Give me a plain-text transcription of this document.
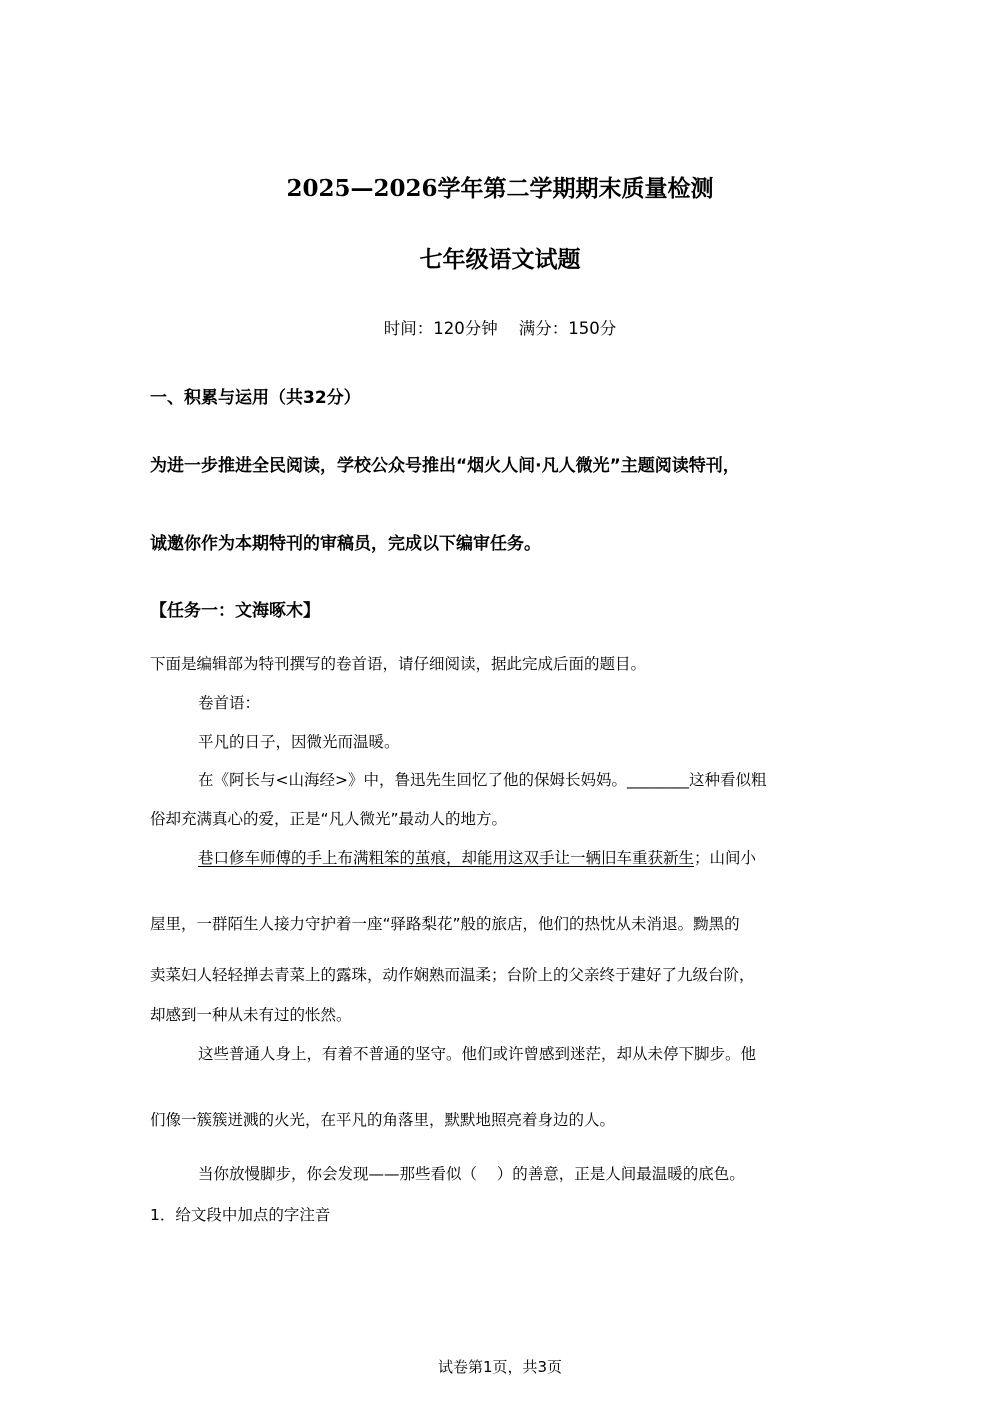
2025—2026学年第二学期期末质量检测
七年级语文试题
时间：120分钟    满分：150分
一、积累与运用（共32分）
为进一步推进全民阅读，学校公众号推出“烟火人间·凡人微光”主题阅读特刊，
诚邀你作为本期特刊的审稿员，完成以下编审任务。
【任务一：文海啄木】
下面是编辑部为特刊撰写的卷首语，请仔细阅读，据此完成后面的题目。
卷首语：
平凡的日子，因微光而温暖。
在《阿长与<山海经>》中，鲁迅先生回忆了他的保姆长妈妈。________这种看似粗
俗却充满真心的爱，正是“凡人微光”最动人的地方。
巷口修车师傅的手上布满粗笨的茧痕，却能用这双手让一辆旧车重获新生；山间小
屋里，一群陌生人接力守护着一座“驿路梨花”般的旅店，他们的热忱从未消退。黝黑的
卖菜妇人轻轻掸去青菜上的露珠，动作娴熟而温柔；台阶上的父亲终于建好了九级台阶，
却感到一种从未有过的怅然。
这些普通人身上，有着不普通的坚守。他们或许曾感到迷茫，却从未停下脚步。他
们像一簇簇迸溅的火光，在平凡的角落里，默默地照亮着身边的人。
当你放慢脚步，你会发现——那些看似（    ）的善意，正是人间最温暖的底色。
1．给文段中加点的字注音
试卷第1页，共3页
